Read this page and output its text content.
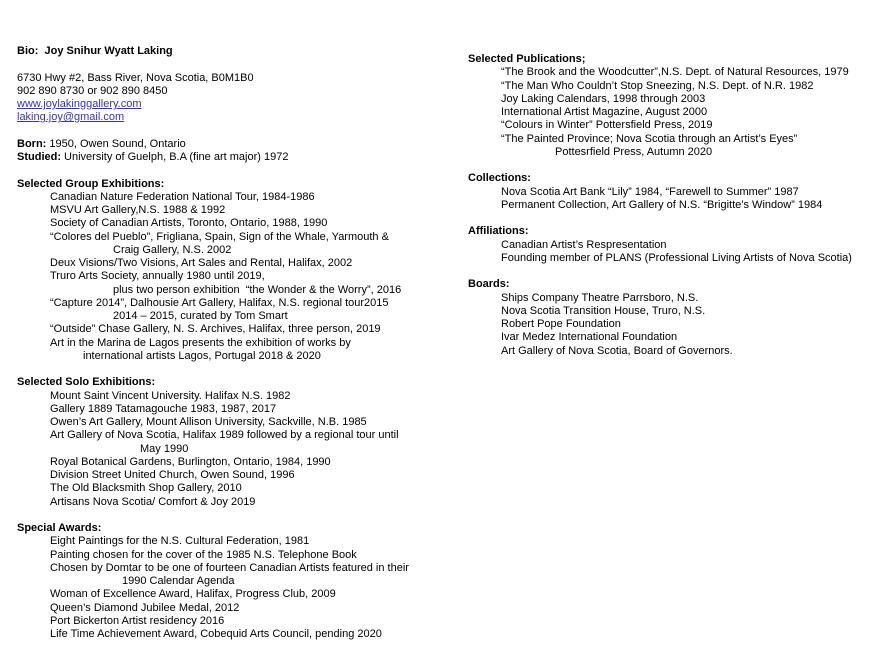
Bio:  Joy Snihur Wyatt Laking
6730 Hwy #2, Bass River, Nova Scotia, B0M1B0
902 890 8730 or 902 890 8450
www.joylakinggallery.com
laking.joy@gmail.com
Born: 1950, Owen Sound, Ontario
Studied: University of Guelph, B.A (fine art major) 1972
Selected Group Exhibitions:
Canadian Nature Federation National Tour, 1984-1986
MSVU Art Gallery,N.S. 1988 & 1992
Society of Canadian Artists, Toronto, Ontario, 1988, 1990
“Colores del Pueblo”, Frigliana, Spain, Sign of the Whale, Yarmouth &
Craig Gallery, N.S. 2002
Deux Visions/Two Visions, Art Sales and Rental, Halifax, 2002
Truro Arts Society, annually 1980 until 2019,
plus two person exhibition  “the Wonder & the Worry”, 2016
“Capture 2014”, Dalhousie Art Gallery, Halifax, N.S. regional tour2015
2014 – 2015, curated by Tom Smart
“Outside” Chase Gallery, N. S. Archives, Halifax, three person, 2019
Art in the Marina de Lagos presents the exhibition of works by
international artists Lagos, Portugal 2018 & 2020
Selected Solo Exhibitions:
Mount Saint Vincent University. Halifax N.S. 1982
Gallery 1889 Tatamagouche 1983, 1987, 2017
Owen’s Art Gallery, Mount Allison University, Sackville, N.B. 1985
Art Gallery of Nova Scotia, Halifax 1989 followed by a regional tour until
May 1990
Royal Botanical Gardens, Burlington, Ontario, 1984, 1990
Division Street United Church, Owen Sound, 1996
The Old Blacksmith Shop Gallery, 2010
Artisans Nova Scotia/ Comfort & Joy 2019
Special Awards:
Eight Paintings for the N.S. Cultural Federation, 1981
Painting chosen for the cover of the 1985 N.S. Telephone Book
Chosen by Domtar to be one of fourteen Canadian Artists featured in their
1990 Calendar Agenda
Woman of Excellence Award, Halifax, Progress Club, 2009
Queen’s Diamond Jubilee Medal, 2012
Port Bickerton Artist residency 2016
Life Time Achievement Award, Cobequid Arts Council, pending 2020
Selected Publications;
“The Brook and the Woodcutter”,N.S. Dept. of Natural Resources, 1979
“The Man Who Couldn’t Stop Sneezing, N.S. Dept. of N.R. 1982
Joy Laking Calendars, 1998 through 2003
International Artist Magazine, August 2000
“Colours in Winter” Pottersfield Press, 2019
“The Painted Province; Nova Scotia through an Artist’s Eyes”
Pottesrfield Press, Autumn 2020
Collections:
Nova Scotia Art Bank “Lily” 1984, “Farewell to Summer” 1987
Permanent Collection, Art Gallery of N.S. “Brigitte’s Window” 1984
Affiliations:
Canadian Artist’s Respresentation
Founding member of PLANS (Professional Living Artists of Nova Scotia)
Boards:
Ships Company Theatre Parrsboro, N.S.
Nova Scotia Transition House, Truro, N.S.
Robert Pope Foundation
Ivar Medez International Foundation
Art Gallery of Nova Scotia, Board of Governors.
